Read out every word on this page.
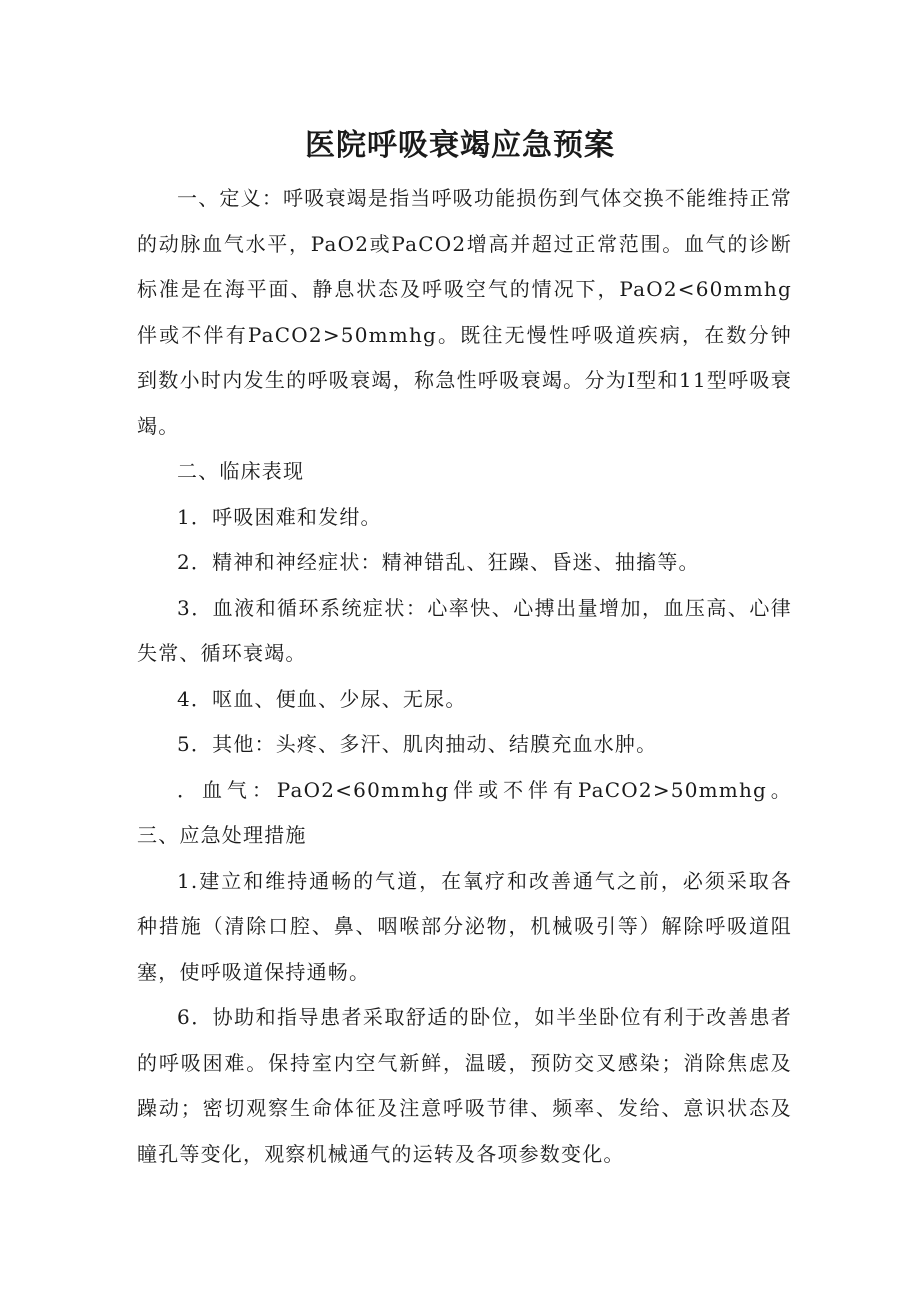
医院呼吸衰竭应急预案

一、定义：呼吸衰竭是指当呼吸功能损伤到气体交换不能维持正常的动脉血气水平，PaO2或PaCO2增高并超过正常范围。血气的诊断标准是在海平面、静息状态及呼吸空气的情况下，PaO2<60mmhg伴或不伴有PaCO2>50mmhg。既往无慢性呼吸道疾病，在数分钟到数小时内发生的呼吸衰竭，称急性呼吸衰竭。分为Ⅰ型和11型呼吸衰竭。

二、临床表现

1．呼吸困难和发绀。

2．精神和神经症状：精神错乱、狂躁、昏迷、抽搐等。

3．血液和循环系统症状：心率快、心搏出量增加，血压高、心律失常、循环衰竭。

4．呕血、便血、少尿、无尿。

5．其他：头疼、多汗、肌肉抽动、结膜充血水肿。

．血气：PaO2<60mmhg伴或不伴有PaCO2>50mmhg。三、应急处理措施

1.建立和维持通畅的气道，在氧疗和改善通气之前，必须采取各种措施（清除口腔、鼻、咽喉部分泌物，机械吸引等）解除呼吸道阻塞，使呼吸道保持通畅。

6．协助和指导患者采取舒适的卧位，如半坐卧位有利于改善患者的呼吸困难。保持室内空气新鲜，温暖，预防交叉感染；消除焦虑及躁动；密切观察生命体征及注意呼吸节律、频率、发给、意识状态及瞳孔等变化，观察机械通气的运转及各项参数变化。
